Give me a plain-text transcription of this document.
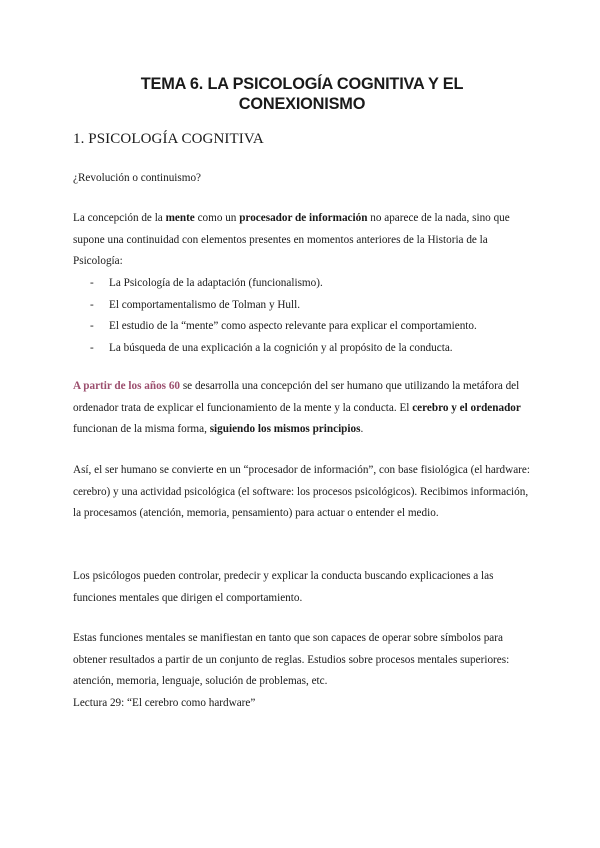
TEMA 6. LA PSICOLOGÍA COGNITIVA Y EL CONEXIONISMO
1. PSICOLOGÍA COGNITIVA

¿Revolución o continuismo?

La concepción de la mente como un procesador de información no aparece de la nada, sino que supone una continuidad con elementos presentes en momentos anteriores de la Historia de la Psicología:

- La Psicología de la adaptación (funcionalismo).
- El comportamentalismo de Tolman y Hull.
- El estudio de la “mente” como aspecto relevante para explicar el comportamiento.
- La búsqueda de una explicación a la cognición y al propósito de la conducta.

A partir de los años 60 se desarrolla una concepción del ser humano que utilizando la metáfora del ordenador trata de explicar el funcionamiento de la mente y la conducta. El cerebro y el ordenador funcionan de la misma forma, siguiendo los mismos principios.

Así, el ser humano se convierte en un “procesador de información”, con base fisiológica (el hardware: cerebro) y una actividad psicológica (el software: los procesos psicológicos). Recibimos información, la procesamos (atención, memoria, pensamiento) para actuar o entender el medio.

Los psicólogos pueden controlar, predecir y explicar la conducta buscando explicaciones a las funciones mentales que dirigen el comportamiento.

Estas funciones mentales se manifiestan en tanto que son capaces de operar sobre símbolos para obtener resultados a partir de un conjunto de reglas. Estudios sobre procesos mentales superiores: atención, memoria, lenguaje, solución de problemas, etc.
Lectura 29: “El cerebro como hardware”
